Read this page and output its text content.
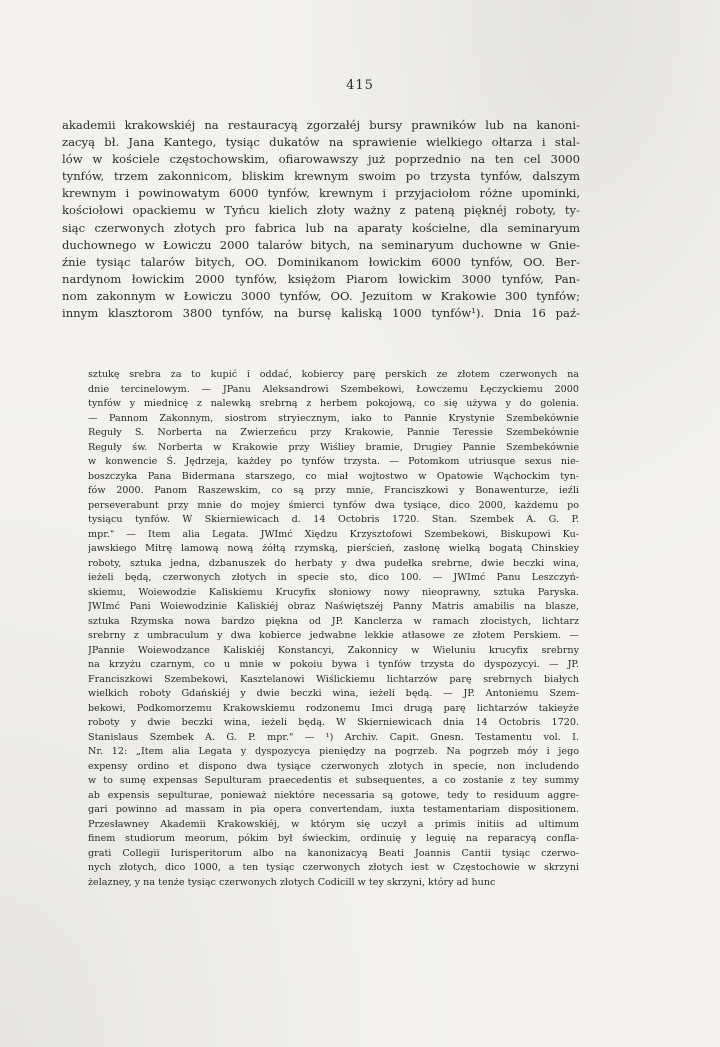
415
akademii krakowskiéj na restauracyą zgorzałéj bursy prawników lub na kanoni-
zacyą bł. Jana Kantego, tysiąc dukatów na sprawienie wielkiego ołtarza i stal-
lów w kościele częstochowskim, ofiarowawszy już poprzednio na ten cel 3000
tynfów, trzem zakonnicom, bliskim krewnym swoim po trzysta tynfów, dalszym
krewnym i powinowatym 6000 tynfów, krewnym i przyjaciołom różne upominki,
kościołowi opackiemu w Tyńcu kielich złoty ważny z pateną pięknéj roboty, ty-
siąc czerwonych złotych pro fabrica lub na aparaty kościelne, dla seminaryum
duchownego w Łowiczu 2000 talarów bitych, na seminaryum duchowne w Gnie-
źnie tysiąc talarów bitych, OO. Dominikanom łowickim 6000 tynfów, OO. Ber-
nardynom łowickim 2000 tynfów, księżom Piarom łowickim 3000 tynfów, Pan-
nom zakonnym w Łowiczu 3000 tynfów, OO. Jezuitom w Krakowie 300 tynfów;
innym klasztorom 3800 tynfów, na bursę kaliską 1000 tynfów¹). Dnia 16 paź-
sztukę srebra za to kupić i oddać, kobiercy parę perskich ze złotem czerwonych na
dnie tercinelowym. — JPanu Aleksandrowi Szembekowi, Łowczemu Łęczyckiemu 2000
tynfów y miednicę z nalewką srebrną z herbem pokojową, co się używa y do golenia.
— Pannom Zakonnym, siostrom stryiecznym, iako to Pannie Krystynie Szembekównie
Reguły S. Norberta na Zwierzeńcu przy Krakowie, Pannie Teressie Szembekównie
Reguły św. Norberta w Krakowie przy Wiśliey bramie, Drugiey Pannie Szembekównie
w konwencie Ś. Jędrzeja, każdey po tynfów trzysta. — Potomkom utriusque sexus nie-
boszczyka Pana Bidermana starszego, co miał wojtostwo w Opatowie Wąchockim tyn-
fów 2000. Panom Raszewskim, co są przy mnie, Franciszkowi y Bonawenturze, ieźli
perseverabunt przy mnie do mojey śmierci tynfów dwa tysiące, dico 2000, każdemu po
tysiącu tynfów. W Skierniewicach d. 14 Octobris 1720. Stan. Szembek A. G. P.
mpr." — Item alia Legata. JWImć Xiędzu Krzysztofowi Szembekowi, Biskupowi Ku-
jawskiego Mitrę lamową nową żółtą rzymską, pierścień, zasłonę wielką bogatą Chinskiey
roboty, sztuka jedna, dzbanuszek do herbaty y dwa pudełka srebrne, dwie beczki wina,
ieżeli będą, czerwonych złotych in specie sto, dico 100. — JWImć Panu Leszczyń-
skiemu, Woiewodzie Kaliskiemu Krucyfix słoniowy nowy nieoprawny, sztuka Paryska.
JWImć Pani Woiewodzinie Kaliskiéj obraz Naświętszéj Panny Matris amabilis na blasze,
sztuka Rzymska nowa bardzo piękna od JP. Kanclerza w ramach złocistych, lichtarz
srebrny z umbraculum y dwa kobierce jedwabne lekkie atłasowe ze złotem Perskiem. —
JPannie Woiewodzance Kaliskiéj Konstancyi, Zakonnicy w Wieluniu krucyfix srebrny
na krzyżu czarnym, co u mnie w pokoiu bywa i tynfów trzysta do dyspozycyi. — JP.
Franciszkowi Szembekowi, Kasztelanowi Wiślickiemu lichtarzów parę srebrnych białych
wielkich roboty Gdańskiéj y dwie beczki wina, ieżeli będą. — JP. Antoniemu Szem-
bekowi, Podkomorzemu Krakowskiemu rodzonemu Imci drugą parę lichtarzów takieyże
roboty y dwie beczki wina, ieżeli będą. W Skierniewicach dnia 14 Octobris 1720.
Stanislaus Szembek A. G. P. mpr." — ¹) Archiv. Capit. Gnesn. Testamentu vol. I.
Nr. 12: „Item alia Legata y dyspozycya pieniędzy na pogrzeb. Na pogrzeb móy i jego
expensy ordino et dispono dwa tysiące czerwonych złotych in specie, non includendo
w to sumę expensas Sepulturam praecedentis et subsequentes, a co zostanie z tey summy
ab expensis sepulturae, ponieważ niektóre necessaria są gotowe, tedy to residuum aggre-
gari powinno ad massam in pia opera convertendam, iuxta testamentariam dispositionem.
Przesławney Akademii Krakowskiéj, w którym się uczył a primis initiis ad ultimum
finem studiorum meorum, pókim był świeckim, ordinuię y leguię na reparacyą confla-
grati Collegii Iurisperitorum albo na kanonizacyą Beati Joannis Cantii tysiąc czerwo-
nych złotych, dico 1000, a ten tysiąc czerwonych złotych iest w Częstochowie w skrzyni
żelazney, y na tenże tysiąc czerwonych złotych Codicill w tey skrzyni, który ad hunc
